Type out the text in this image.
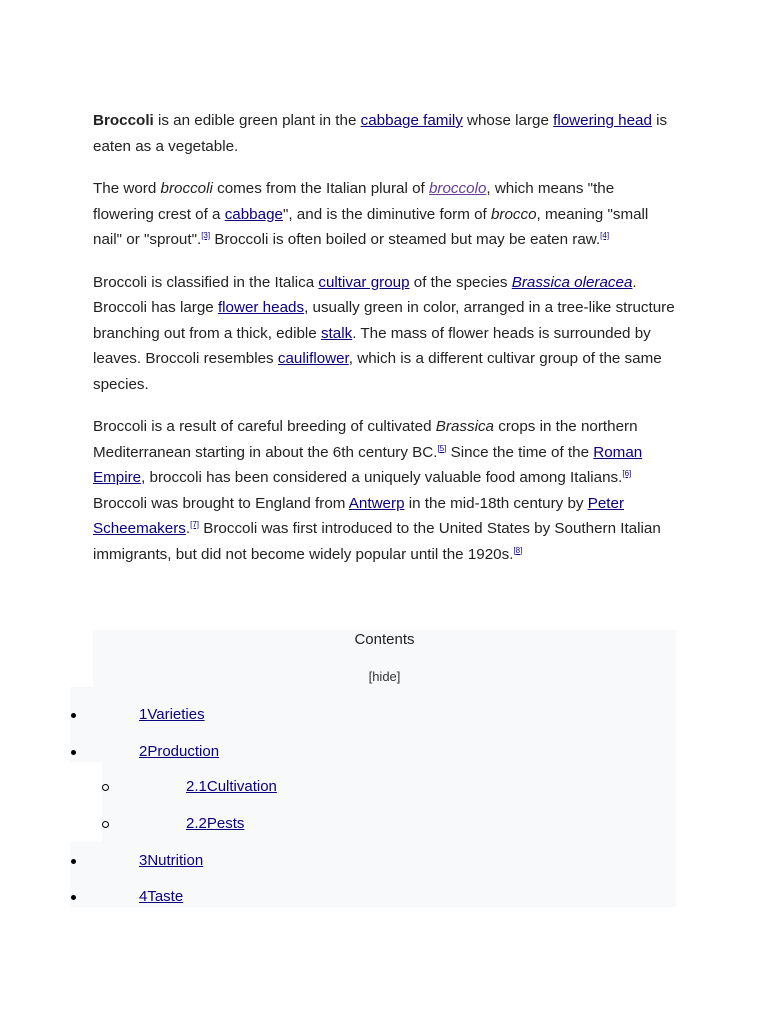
Broccoli is an edible green plant in the cabbage family whose large flowering head is eaten as a vegetable.

The word broccoli comes from the Italian plural of broccolo, which means "the flowering crest of a cabbage", and is the diminutive form of brocco, meaning "small nail" or "sprout".[3] Broccoli is often boiled or steamed but may be eaten raw.[4]

Broccoli is classified in the Italica cultivar group of the species Brassica oleracea. Broccoli has large flower heads, usually green in color, arranged in a tree-like structure branching out from a thick, edible stalk. The mass of flower heads is surrounded by leaves. Broccoli resembles cauliflower, which is a different cultivar group of the same species.

Broccoli is a result of careful breeding of cultivated Brassica crops in the northern Mediterranean starting in about the 6th century BC.[5] Since the time of the Roman Empire, broccoli has been considered a uniquely valuable food among Italians.[6] Broccoli was brought to England from Antwerp in the mid-18th century by Peter Scheemakers.[7] Broccoli was first introduced to the United States by Southern Italian immigrants, but did not become widely popular until the 1920s.[8]

Contents
[hide]
1Varieties
2Production
2.1Cultivation
2.2Pests
3Nutrition
4Taste
